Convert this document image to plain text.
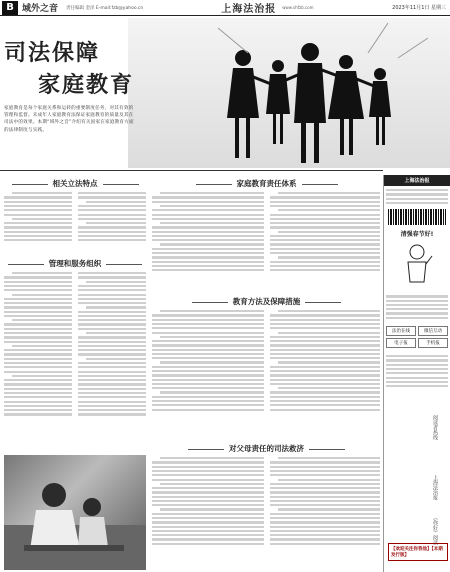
B 域外之音 责任编辑 金泽 E-mail:fzb@yahoo.cn	上海法治报 www.shfzb.com	2023年11月1日 星期三
司法保障
家庭教育
家庭教育是每个家庭关系和运转的重要制度任务，对其有效的管理和监督。未成年人家庭教育法保证家庭教育的质量及其在司法中的效果。本期“域外之音”介绍有关国家在家庭教育方面的法律制度与实践。
相关立法特点	家庭教育责任体系
管理和服务组织
教育方法及保障措施
对父母责任的司法救济
上海法治报
清强春节好!
法治在线	微信互动
电子报	手机报
阅读者热线
上海法治报
《你好》阅读
【欢迎关注你我他】【本期发行版】
